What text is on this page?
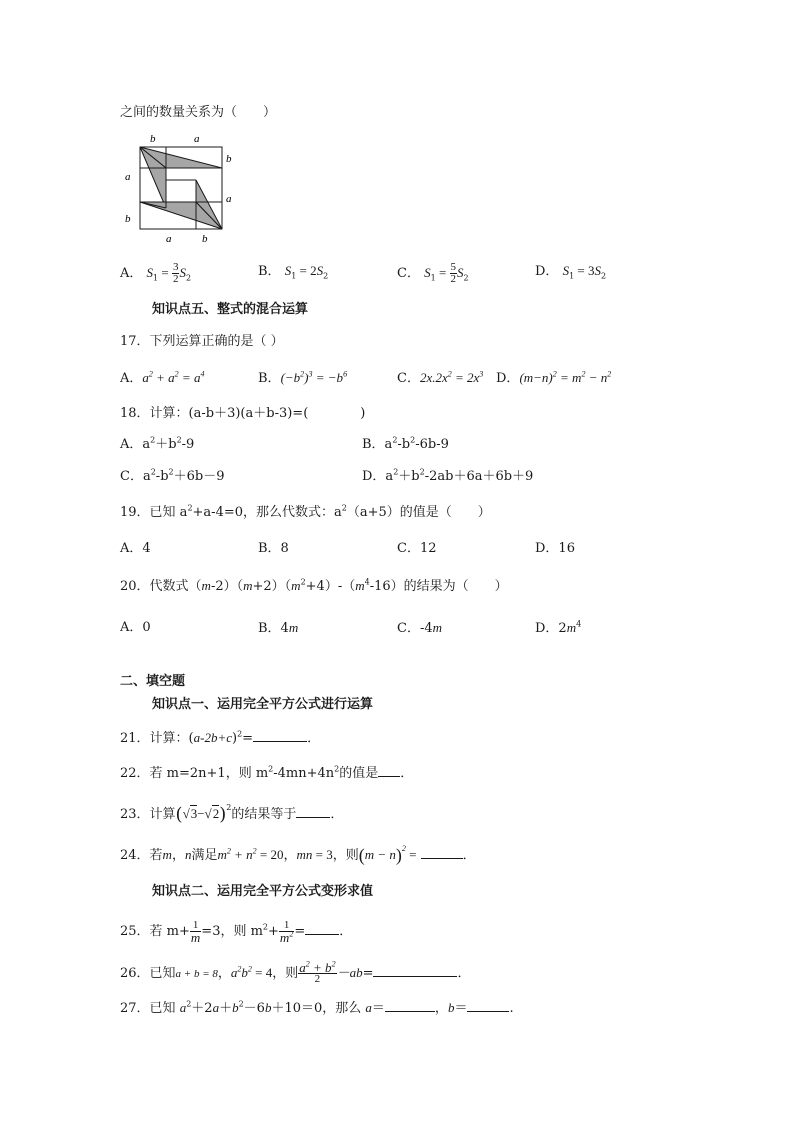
之间的数量关系为（　　）
b	a
b
a
a
b
a	b
A． $S_1 = \frac{3}{2} S_2$	B． $S_1 = 2S_2$	C． $S_1 = \frac{5}{2} S_2$	D． $S_1 = 3S_2$
知识点五、整式的混合运算
17．下列运算正确的是（ ）
A．$a^2 + a^2 = a^4$	B．$(-b^2)^3 = -b^6$	C．$2x.2x^2 = 2x^3$ D．$(m-n)^2 = m^2 - n^2$
18．计算：(a-b＋3)(a＋b-3)=(　　　　)
A．$a^2+b^2-9$	B．$a^2-b^2-6b-9$
C．$a^2-b^2+6b-9$	D．$a^2+b^2-2ab+6a+6b+9$
19．已知 $a^2+a-4=0$，那么代数式：$a^2(a+5)$的值是（　　）
A．4	B．8	C．12	D．16
20．代数式$(m-2)(m+2)(m^2+4)-(m^4-16)$的结果为（　　）
A．0	B．4m	C．-4m	D．$2m^4$
二、填空题
知识点一、运用完全平方公式进行运算
21．计算：$(a-2b+c)^2=$	．
22．若 m=2n+1，则 $m^2-4mn+4n^2$的值是 ．
23．计算$(√3-√2)^2$的结果等于	．
24．若m，n满足$m^2 + n^2 = 20$，mn = 3，则$(m - n)^2$ =	．
知识点二、运用完全平方公式变形求值
25．若 $m+ \frac{1}{m} =3$，则 $m^2+ \frac{1}{m^2}$ =	．
26．已知a + b = 8，$a^2b^2 = 4$，则 $\frac{a^2 + b^2}{2} -ab=$	．
27．已知 $a^2+2a+b^2-6b+10=0$，那么 a＝	，b＝	.
